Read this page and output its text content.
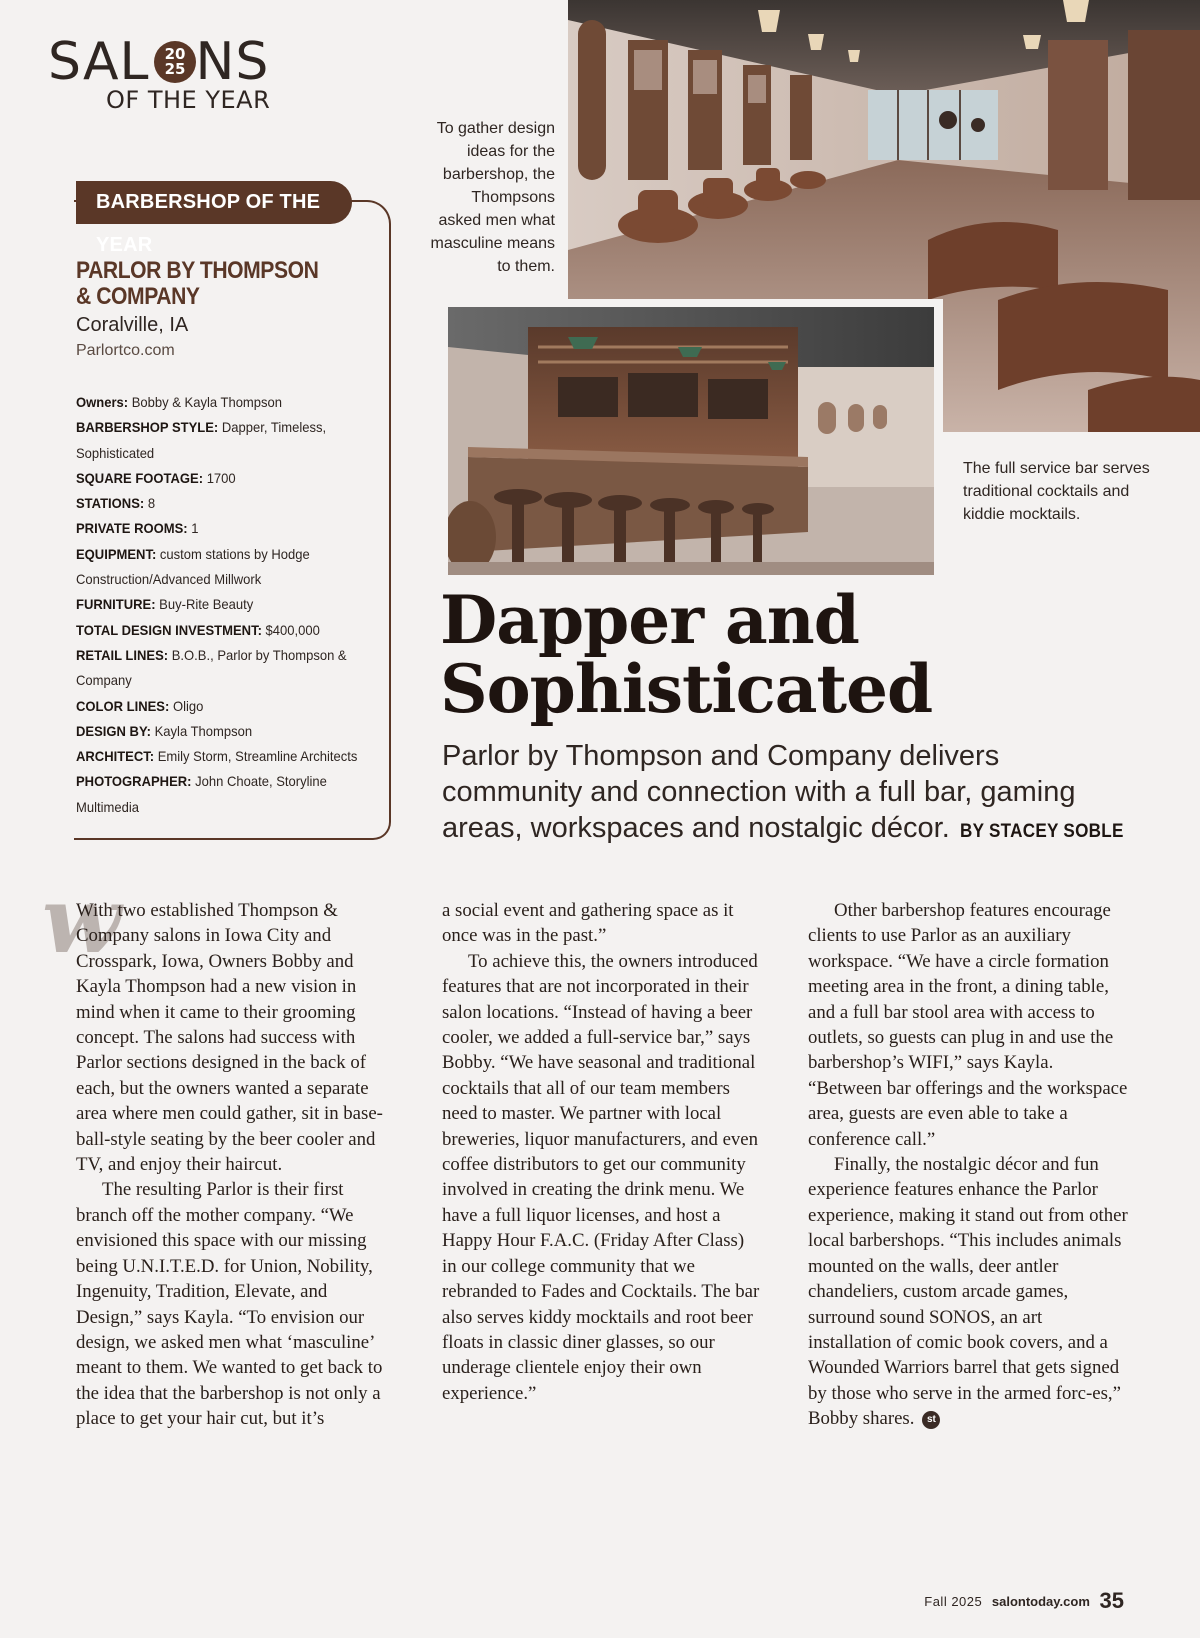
SAL NS
20
25
OF THE YEAR
BARBERSHOP OF THE YEAR
PARLOR BY THOMPSON & COMPANY
Coralville, IA
Parlortco.com
Owners: Bobby & Kayla Thompson
BARBERSHOP STYLE: Dapper, Timeless, Sophisticated
SQUARE FOOTAGE: 1700
STATIONS: 8
PRIVATE ROOMS: 1
EQUIPMENT: custom stations by Hodge Construction/Advanced Millwork
FURNITURE: Buy-Rite Beauty
TOTAL DESIGN INVESTMENT: $400,000
RETAIL LINES: B.O.B., Parlor by Thompson & Company
COLOR LINES: Oligo
DESIGN BY: Kayla Thompson
ARCHITECT: Emily Storm, Streamline Architects
PHOTOGRAPHER: John Choate, Storyline Multimedia
To gather design ideas for the barbershop, the Thompsons asked men what masculine means to them.
The full service bar serves traditional cocktails and kiddie mocktails.
Dapper and
Sophisticated
Parlor by Thompson and Company delivers community and connection with a full bar, gaming areas, workspaces and nostalgic décor. BY STACEY SOBLE
w

With two established Thompson & Company salons in Iowa City and Crosspark, Iowa, Owners Bobby and Kayla Thompson had a new vision in mind when it came to their grooming concept. The salons had success with Parlor sections designed in the back of each, but the owners wanted a separate area where men could gather, sit in base-ball-style seating by the beer cooler and TV, and enjoy their haircut.

The resulting Parlor is their first branch off the mother company. “We envisioned this space with our missing being U.N.I.T.E.D. for Union, Nobility, Ingenuity, Tradition, Elevate, and Design,” says Kayla. “To envision our design, we asked men what ‘masculine’ meant to them. We wanted to get back to the idea that the barbershop is not only a place to get your hair cut, but it’s

a social event and gathering space as it once was in the past.”

To achieve this, the owners introduced features that are not incorporated in their salon locations. “Instead of having a beer cooler, we added a full-service bar,” says Bobby. “We have seasonal and traditional cocktails that all of our team members need to master. We partner with local breweries, liquor manufacturers, and even coffee distributors to get our community involved in creating the drink menu. We have a full liquor licenses, and host a Happy Hour F.A.C. (Friday After Class) in our college community that we rebranded to Fades and Cocktails. The bar also serves kiddy mocktails and root beer floats in classic diner glasses, so our underage clientele enjoy their own experience.”

Other barbershop features encourage clients to use Parlor as an auxiliary workspace. “We have a circle formation meeting area in the front, a dining table, and a full bar stool area with access to outlets, so guests can plug in and use the barbershop’s WIFI,” says Kayla. “Between bar offerings and the workspace area, guests are even able to take a conference call.”

Finally, the nostalgic décor and fun experience features enhance the Parlor experience, making it stand out from other local barbershops. “This includes animals mounted on the walls, deer antler chandeliers, custom arcade games, surround sound SONOS, an art installation of comic book covers, and a Wounded Warriors barrel that gets signed by those who serve in the armed forc-es,” Bobby shares. st

Fall 2025 salontoday.com 35
